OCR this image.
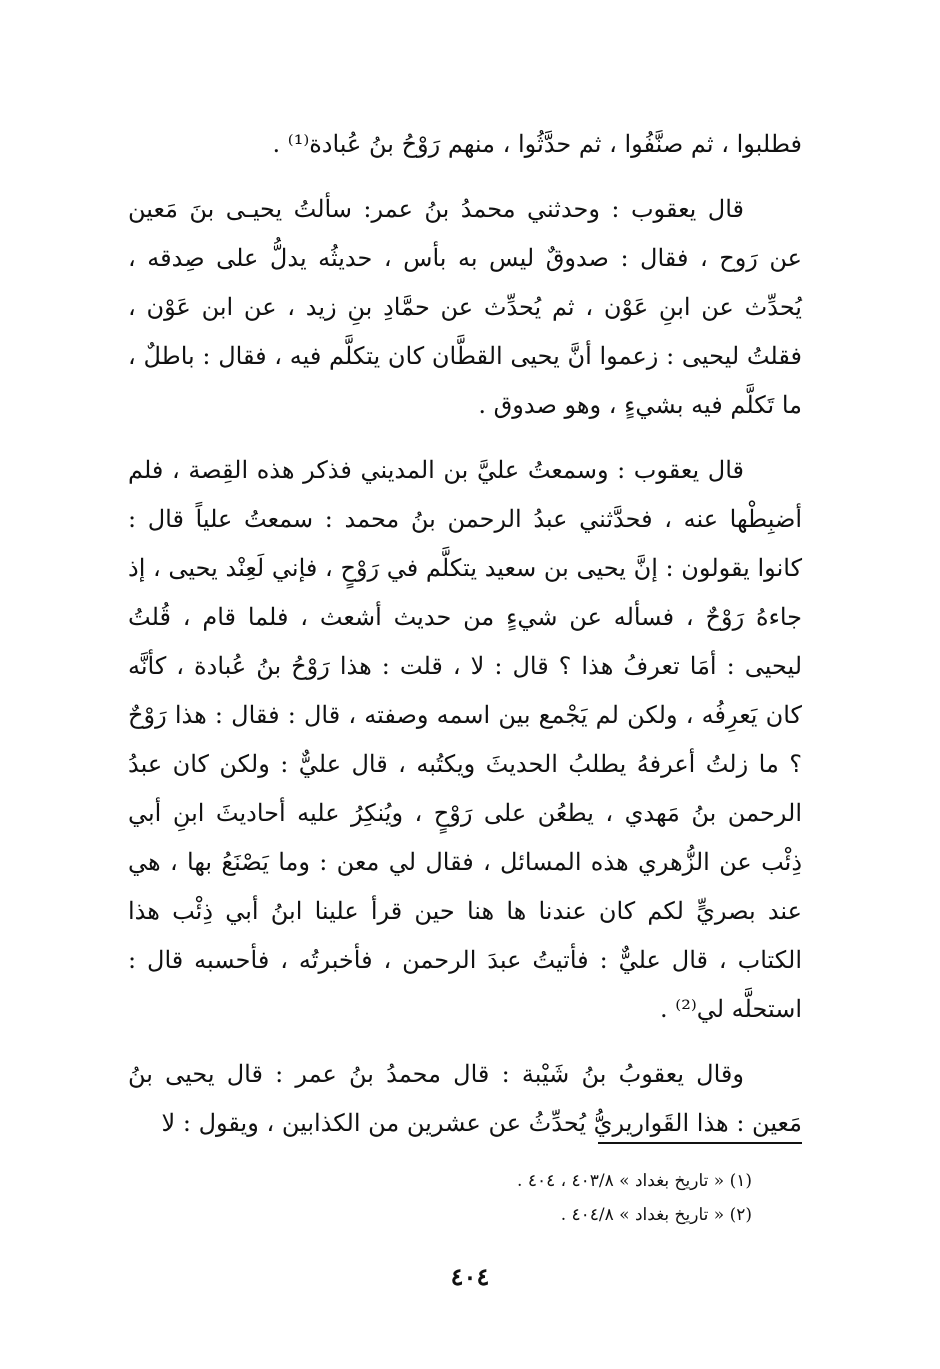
فطلبوا ، ثم صنَّفُوا ، ثم حدَّثُوا ، منهم رَوْحُ بنُ عُبادة⁽¹⁾ .

قال يعقوب : وحدثني محمدُ بنُ عمر: سألتُ يحيـى بنَ مَعين عن رَوح ، فقال : صدوقٌ ليس به بأس ، حديثُه يدلُّ على صِدقه ، يُحدِّث عن ابنِ عَوْن ، ثم يُحدِّث عن حمَّادِ بنِ زيد ، عن ابن عَوْن ، فقلتُ ليحيى : زعموا أنَّ يحيى القطَّان كان يتكلَّم فيه ، فقال : باطلٌ ، ما تَكلَّم فيه بشيءٍ ، وهو صدوق .

قال يعقوب : وسمعتُ عليَّ بن المديني فذكر هذه القِصة ، فلم أضبِطْها عنه ، فحدَّثني عبدُ الرحمن بنُ محمد : سمعتُ علياً قال : كانوا يقولون : إنَّ يحيى بن سعيد يتكلَّم في رَوْحٍ ، فإني لَعِنْد يحيى ، إذ جاءهُ رَوْحٌ ، فسأله عن شيءٍ من حديث أشعث ، فلما قام ، قُلتُ ليحيى : أمَا تعرفُ هذا ؟ قال : لا ، قلت : هذا رَوْحُ بنُ عُبادة ، كأنَّه كان يَعرِفُه ، ولكن لم يَجْمع بين اسمه وصفته ، قال : فقال : هذا رَوْحٌ ؟ ما زلتُ أعرفهُ يطلبُ الحديثَ ويكتُبه ، قال عليٌّ : ولكن كان عبدُ الرحمن بنُ مَهدي ، يطعُن على رَوْحٍ ، ويُنكِرُ عليه أحاديثَ ابنِ أبي ذِئْب عن الزُّهري هذه المسائل ، فقال لي معن : وما يَصْنَعُ بها ، هي عند بصريٍّ لكم كان عندنا ها هنا حين قرأ علينا ابنُ أبي ذِئْب هذا الكتاب ، قال عليٌّ : فأتيتُ عبدَ الرحمن ، فأخبرتُه ، فأحسبه قال : استحلَّه لي⁽²⁾ .

وقال يعقوبُ بنُ شَيْبة : قال محمدُ بنُ عمر : قال يحيى بنُ مَعين : هذا القَواريريُّ يُحدِّثُ عن عشرين من الكذابين ، ويقول : لا

(١) « تاريخ بغداد » ٤٠٣/٨ ، ٤٠٤ .

(٢) « تاريخ بغداد » ٤٠٤/٨ .

٤٠٤
